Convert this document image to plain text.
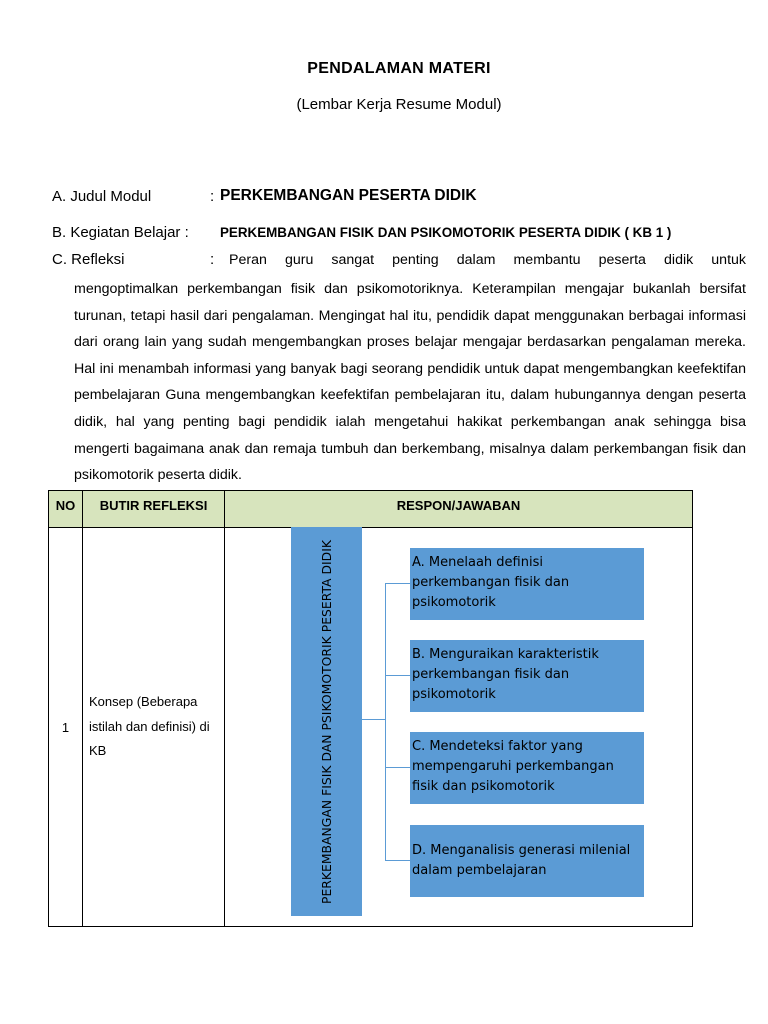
PENDALAMAN MATERI
(Lembar Kerja Resume Modul)
A. Judul Modul	: PERKEMBANGAN PESERTA DIDIK
B. Kegiatan Belajar : PERKEMBANGAN FISIK DAN PSIKOMOTORIK PESERTA DIDIK ( KB 1 )
C. Refleksi	: Peran guru sangat penting dalam membantu peserta didik untuk
mengoptimalkan perkembangan fisik dan psikomotoriknya. Keterampilan mengajar bukanlah bersifat turunan, tetapi hasil dari pengalaman. Mengingat hal itu, pendidik dapat menggunakan berbagai informasi dari orang lain yang sudah mengembangkan proses belajar mengajar berdasarkan pengalaman mereka. Hal ini menambah informasi yang banyak bagi seorang pendidik untuk dapat mengembangkan keefektifan pembelajaran Guna mengembangkan keefektifan pembelajaran itu, dalam hubungannya dengan peserta didik, hal yang penting bagi pendidik ialah mengetahui hakikat perkembangan anak sehingga bisa mengerti bagaimana anak dan remaja tumbuh dan berkembang, misalnya dalam perkembangan fisik dan psikomotorik peserta didik.
NO	BUTIR REFLEKSI	RESPON/JAWABAN

1	Konsep (Beberapa istilah dan definisi) di KB		PERKEMBANGAN FISIK DAN PSIKOMOTORIK PESERTA DIDIK	A. Menelaah definisi perkembangan fisik dan psikomotorik
B. Menguraikan karakteristik perkembangan fisik dan psikomotorik
C. Mendeteksi faktor yang mempengaruhi perkembangan fisik dan psikomotorik
D. Menganalisis generasi milenial dalam pembelajaran
